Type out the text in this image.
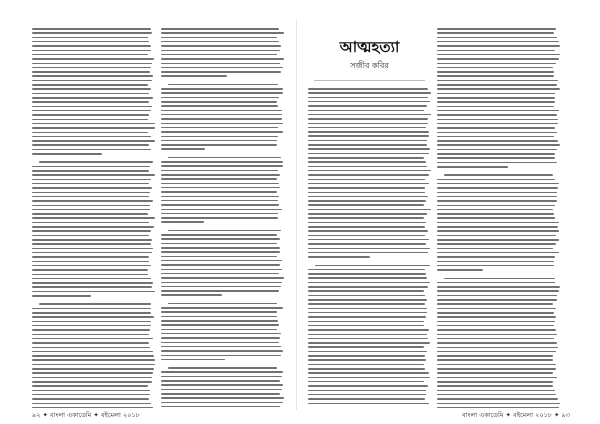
আত্মহত্যা
সজীব কবির
৯২ ✦ বাংলা একাডেমি ✦ বইমেলা ২০১৮	বাংলা একাডেমি ✦ বইমেলা ২০১৮ ✦ ৯৩
